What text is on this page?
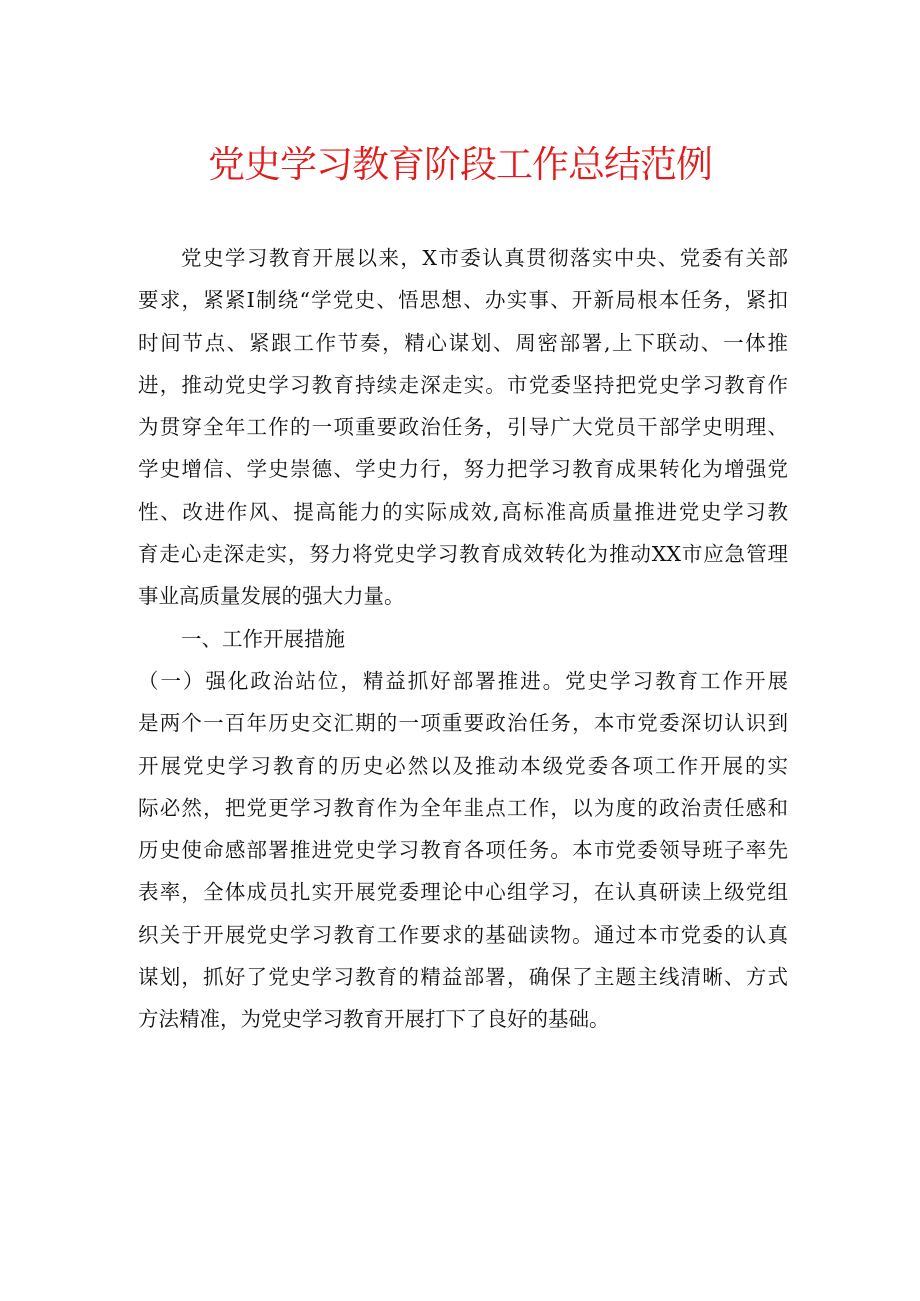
党史学习教育阶段工作总结范例

党史学习教育开展以来，X市委认真贯彻落实中央、党委有关部
要求，紧紧I制绕“学党史、悟思想、办实事、开新局根本任务，紧扣
时间节点、紧跟工作节奏，精心谋划、周密部署,上下联动、一体推
进，推动党史学习教育持续走深走实。市党委坚持把党史学习教育作
为贯穿全年工作的一项重要政治任务，引导广大党员干部学史明理、
学史增信、学史崇德、学史力行，努力把学习教育成果转化为增强党
性、改进作风、提高能力的实际成效,高标准高质量推进党史学习教
育走心走深走实，努力将党史学习教育成效转化为推动XX市应急管理
事业高质量发展的强大力量。

一、工作开展措施

（一）强化政治站位，精益抓好部署推进。党史学习教育工作开展
是两个一百年历史交汇期的一项重要政治任务，本市党委深切认识到
开展党史学习教育的历史必然以及推动本级党委各项工作开展的实
际必然，把党更学习教育作为全年韭点工作，以为度的政治责任感和
历史使命感部署推进党史学习教育各项任务。本市党委领导班子率先
表率，全体成员扎实开展党委理论中心组学习，在认真研读上级党组
织关于开展党史学习教育工作要求的基础读物。通过本市党委的认真
谋划，抓好了党史学习教育的精益部署，确保了主题主线清晰、方式
方法精准，为党史学习教育开展打下了良好的基础。
